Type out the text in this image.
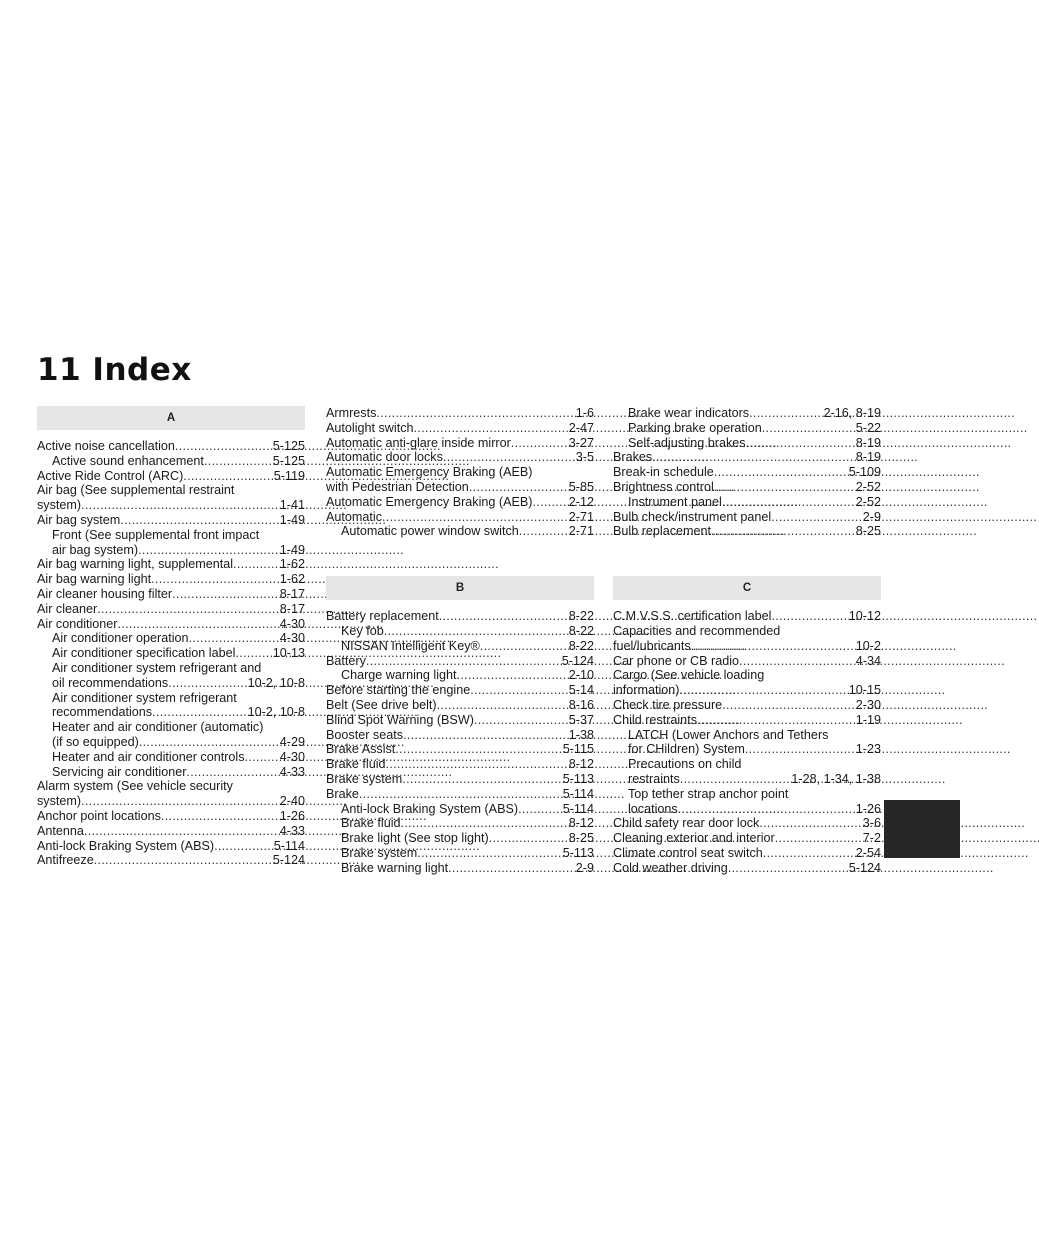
11 Index
A
Active noise cancellation . . .	5-125
Active sound enhancement . . .	5-125
Active Ride Control (ARC) . . .	5-119
Air bag (See supplemental restraint
system) . . .	1-41
Air bag system . . .	1-49
Front (See supplemental front impact
air bag system) . . .	1-49
Air bag warning light, supplemental . . .	1-62
Air bag warning light . . .	1-62
Air cleaner housing filter . . .	8-17
Air cleaner . . .	8-17
Air conditioner . . .	4-30
Air conditioner operation . . .	4-30
Air conditioner specification label . . .	10-13
Air conditioner system refrigerant and
oil recommendations . . .	10-2, 10-8
Air conditioner system refrigerant
recommendations . . .	10-2, 10-8
Heater and air conditioner (automatic)
(if so equipped) . . .	4-29
Heater and air conditioner controls . . .	4-30
Servicing air conditioner . . .	4-33
Alarm system (See vehicle security
system) . . .	2-40
Anchor point locations . . .	1-26
Antenna . . .	4-33
Anti-lock Braking System (ABS) . . .	5-114
Antifreeze . . .	5-124
Armrests . . .	1-6
Autolight switch . . .	2-47
Automatic anti-glare inside mirror . . .	3-27
Automatic door locks . . .	3-5
Automatic Emergency Braking (AEB)
with Pedestrian Detection . . .	5-85
Automatic Emergency Braking (AEB) . . .	2-12
Automatic . . .	2-71
Automatic power window switch . . .	2-71
B
Battery replacement . . .	8-22
Key fob . . .	8-22
NISSAN Intelligent Key® . . .	8-22
Battery . . .	5-124
Charge warning light . . .	2-10
Before starting the engine . . .	5-14
Belt (See drive belt) . . .	8-16
Blind Spot Warning (BSW) . . .	5-37
Booster seats . . .	1-38
Brake Assist . . .	5-115
Brake fluid . . .	8-12
Brake system . . .	5-113
Brake . . .	5-114
Anti-lock Braking System (ABS) . . .	5-114
Brake fluid . . .	8-12
Brake light (See stop light) . . .	8-25
Brake system . . .	5-113
Brake warning light . . .	2-9
Brake wear indicators . . .	2-16, 8-19
Parking brake operation . . .	5-22
Self-adjusting brakes . . .	8-19
Brakes . . .	8-19
Break-in schedule . . .	5-109
Brightness control . . .	2-52
Instrument panel . . .	2-52
Bulb check/instrument panel . . .	2-9
Bulb replacement . . .	8-25
C
C.M.V.S.S. certification label . . .	10-12
Capacities and recommended
fuel/lubricants . . .	10-2
Car phone or CB radio . . .	4-34
Cargo (See vehicle loading
information) . . .	10-15
Check tire pressure . . .	2-30
Child restraints . . .	1-19
LATCH (Lower Anchors and Tethers
for CHildren) System . . .	1-23
Precautions on child
restraints . . .	1-28, 1-34, 1-38
Top tether strap anchor point
locations . . .	1-26
Child safety rear door lock . . .	3-6
Cleaning exterior and interior . . .	7-2
Climate control seat switch . . .	2-54
Cold weather driving . . .	5-124
